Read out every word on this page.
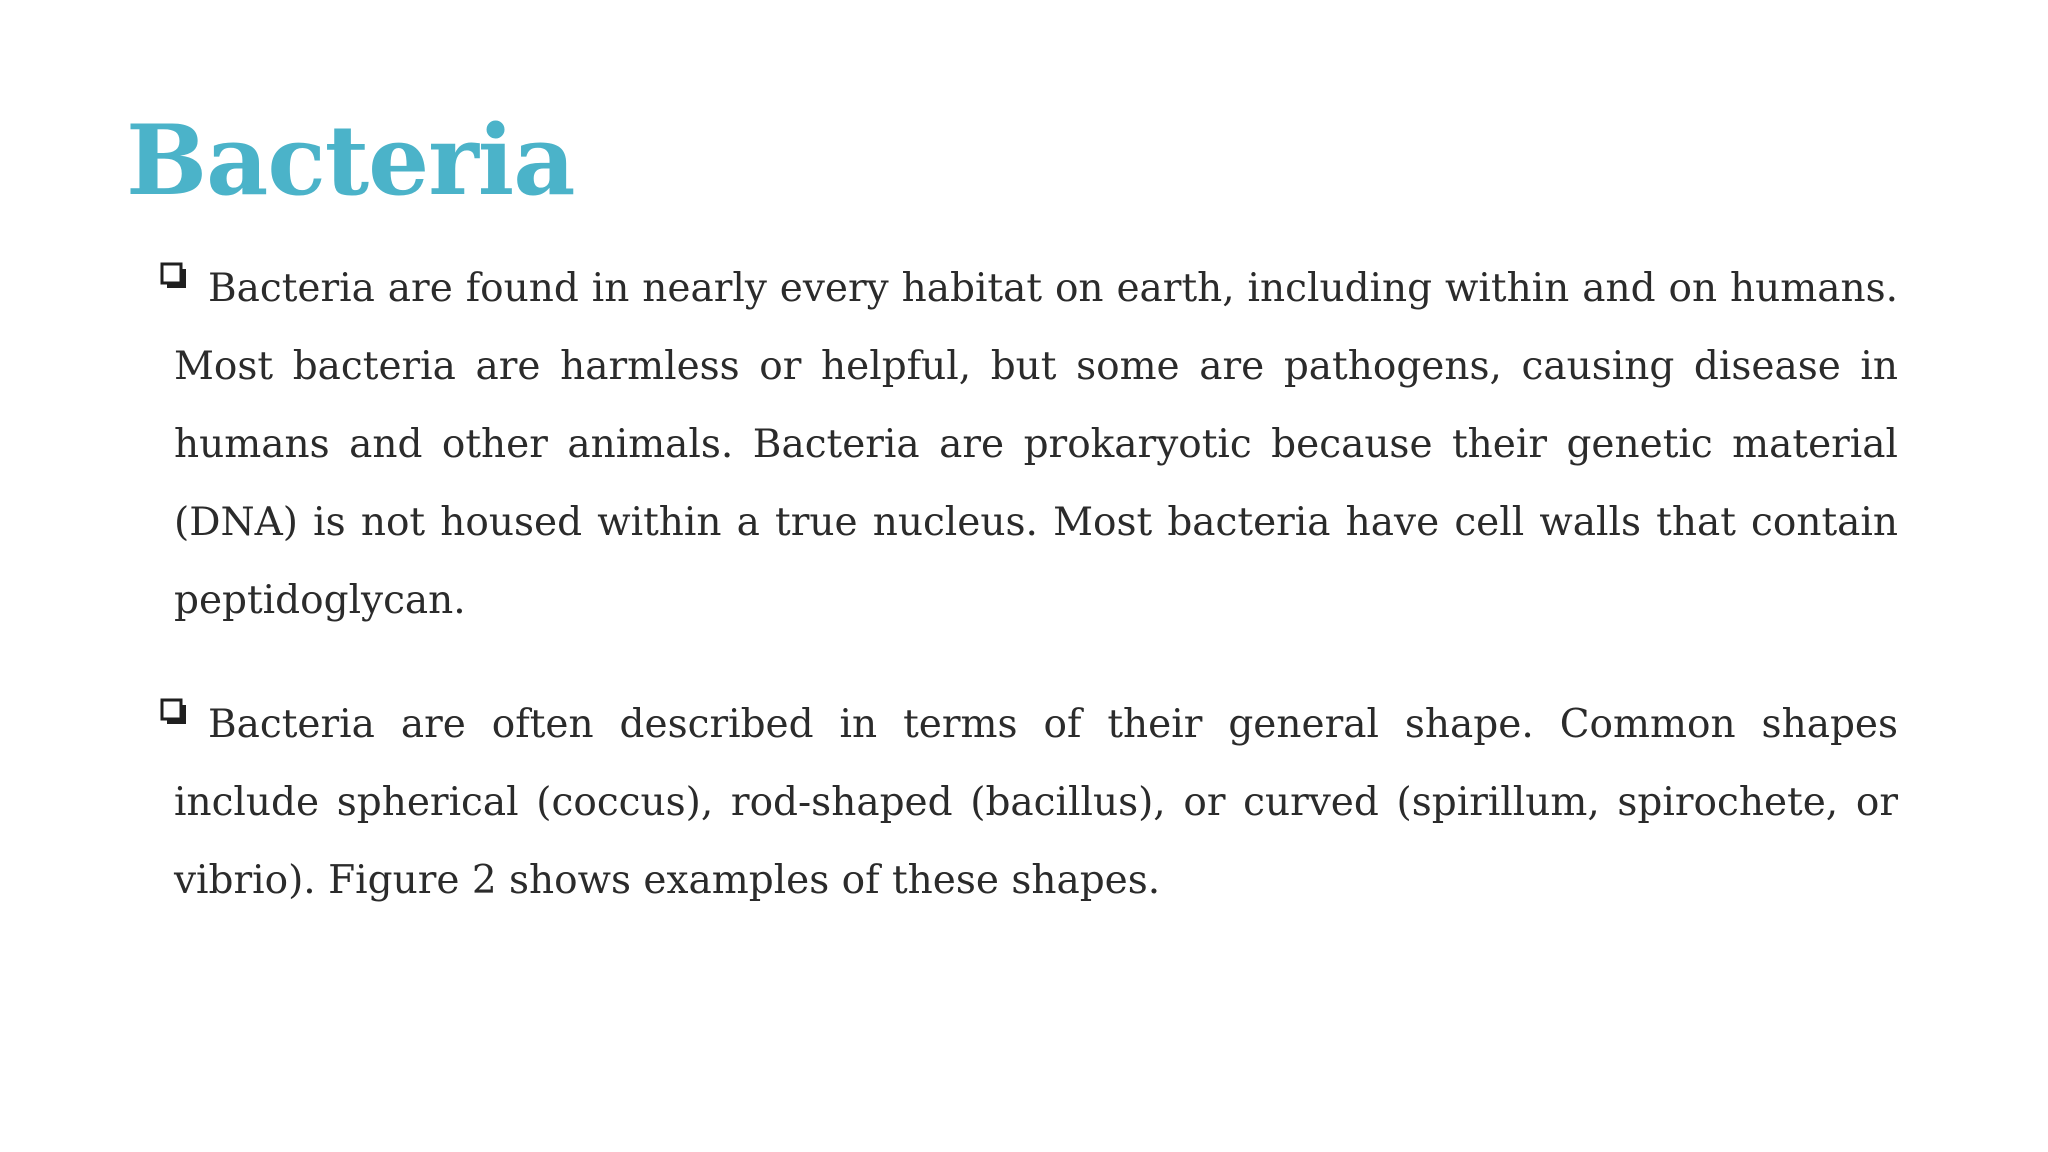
Bacteria
Bacteria are found in nearly every habitat on earth, including within and on humans. Most bacteria are harmless or helpful, but some are pathogens, causing disease in humans and other animals. Bacteria are prokaryotic because their genetic material (DNA) is not housed within a true nucleus. Most bacteria have cell walls that contain peptidoglycan.
Bacteria are often described in terms of their general shape. Common shapes include spherical (coccus), rod-shaped (bacillus), or curved (spirillum, spirochete, or vibrio). Figure 2 shows examples of these shapes.
